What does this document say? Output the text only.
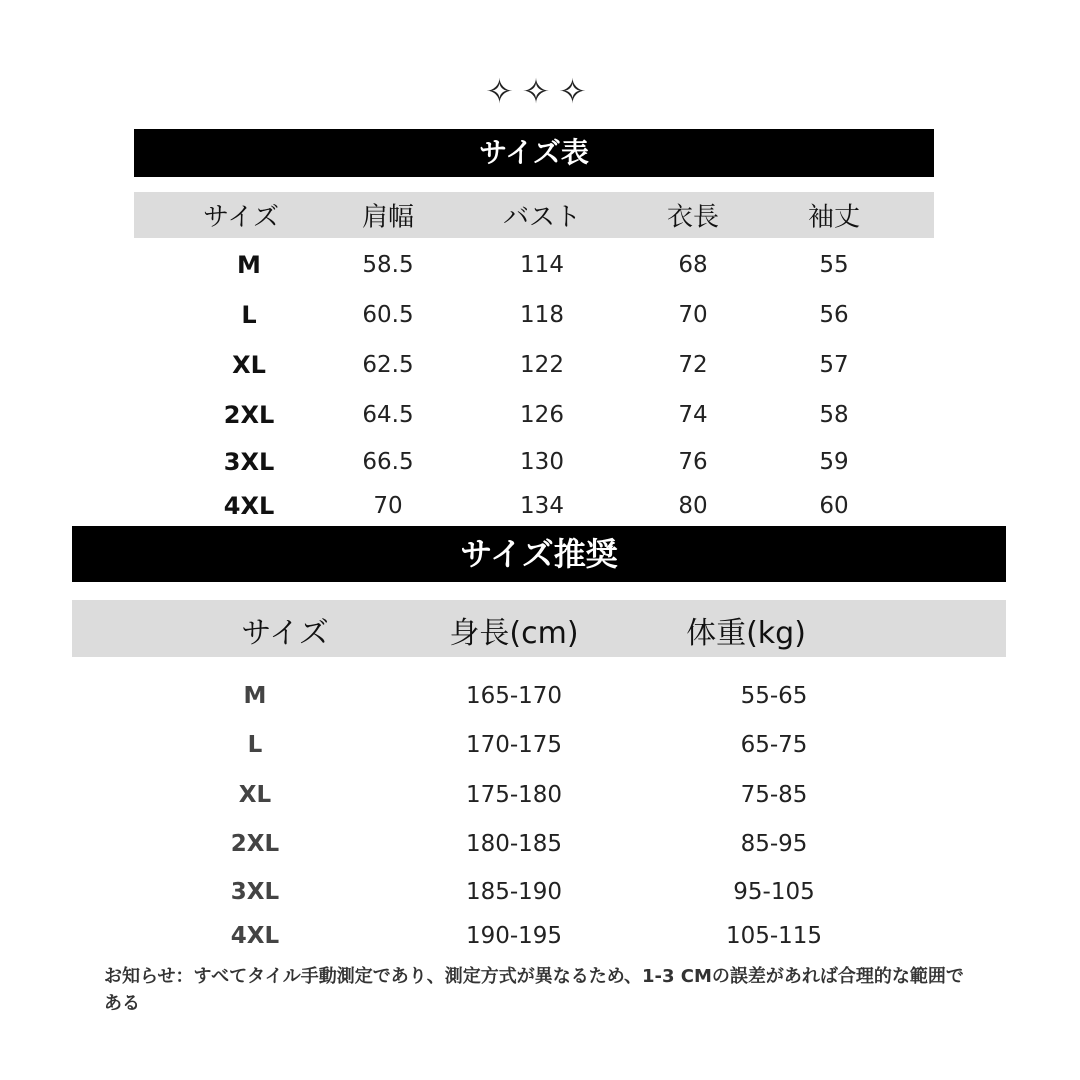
✧✧✧
サイズ表
サイズ	肩幅	バスト	衣長	袖丈
M	58.5	114	68	55
L	60.5	118	70	56
XL	62.5	122	72	57
2XL	64.5	126	74	58
3XL	66.5	130	76	59
4XL	70	134	80	60
サイズ推奨
サイズ	身長(cm)	体重(kg)
M	165-170	55-65
L	170-175	65-75
XL	175-180	75-85
2XL	180-185	85-95
3XL	185-190	95-105
4XL	190-195	105-115
お知らせ：すべてタイル手動測定であり、測定方式が異なるため、1-3 CMの誤差があれば合理的な範囲である
